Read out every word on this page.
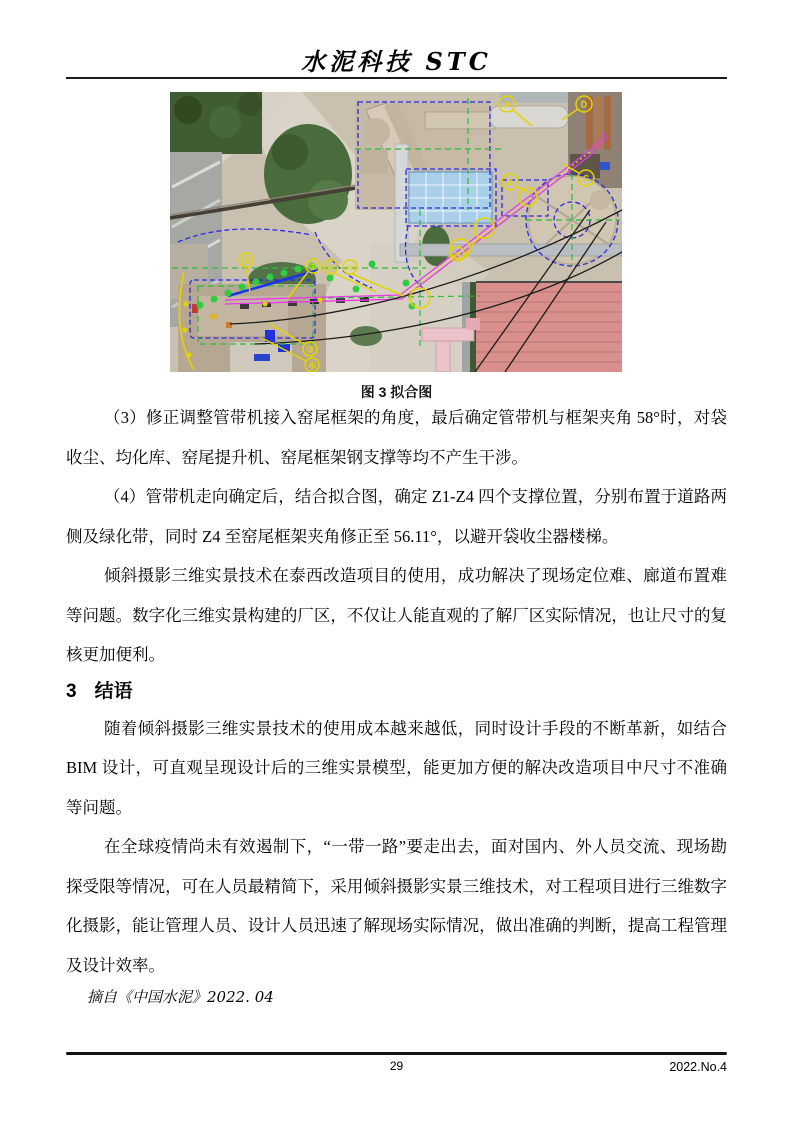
水泥科技 STC
A	D
B	C
①
② 21 22
③
④
24
图 3 拟合图

（3）修正调整管带机接入窑尾框架的角度，最后确定管带机与框架夹角 58°时，对袋收尘、均化库、窑尾提升机、窑尾框架钢支撑等均不产生干涉。

（4）管带机走向确定后，结合拟合图，确定 Z1-Z4 四个支撑位置，分别布置于道路两侧及绿化带，同时 Z4 至窑尾框架夹角修正至 56.11°，以避开袋收尘器楼梯。

倾斜摄影三维实景技术在泰西改造项目的使用，成功解决了现场定位难、廊道布置难等问题。数字化三维实景构建的厂区，不仅让人能直观的了解厂区实际情况，也让尺寸的复核更加便利。

3 结语

随着倾斜摄影三维实景技术的使用成本越来越低，同时设计手段的不断革新，如结合 BIM 设计，可直观呈现设计后的三维实景模型，能更加方便的解决改造项目中尺寸不准确等问题。

在全球疫情尚未有效遏制下，“一带一路”要走出去，面对国内、外人员交流、现场勘探受限等情况，可在人员最精简下，采用倾斜摄影实景三维技术，对工程项目进行三维数字化摄影，能让管理人员、设计人员迅速了解现场实际情况，做出准确的判断，提高工程管理及设计效率。

摘自《中国水泥》2022. 04

29	2022.No.4
